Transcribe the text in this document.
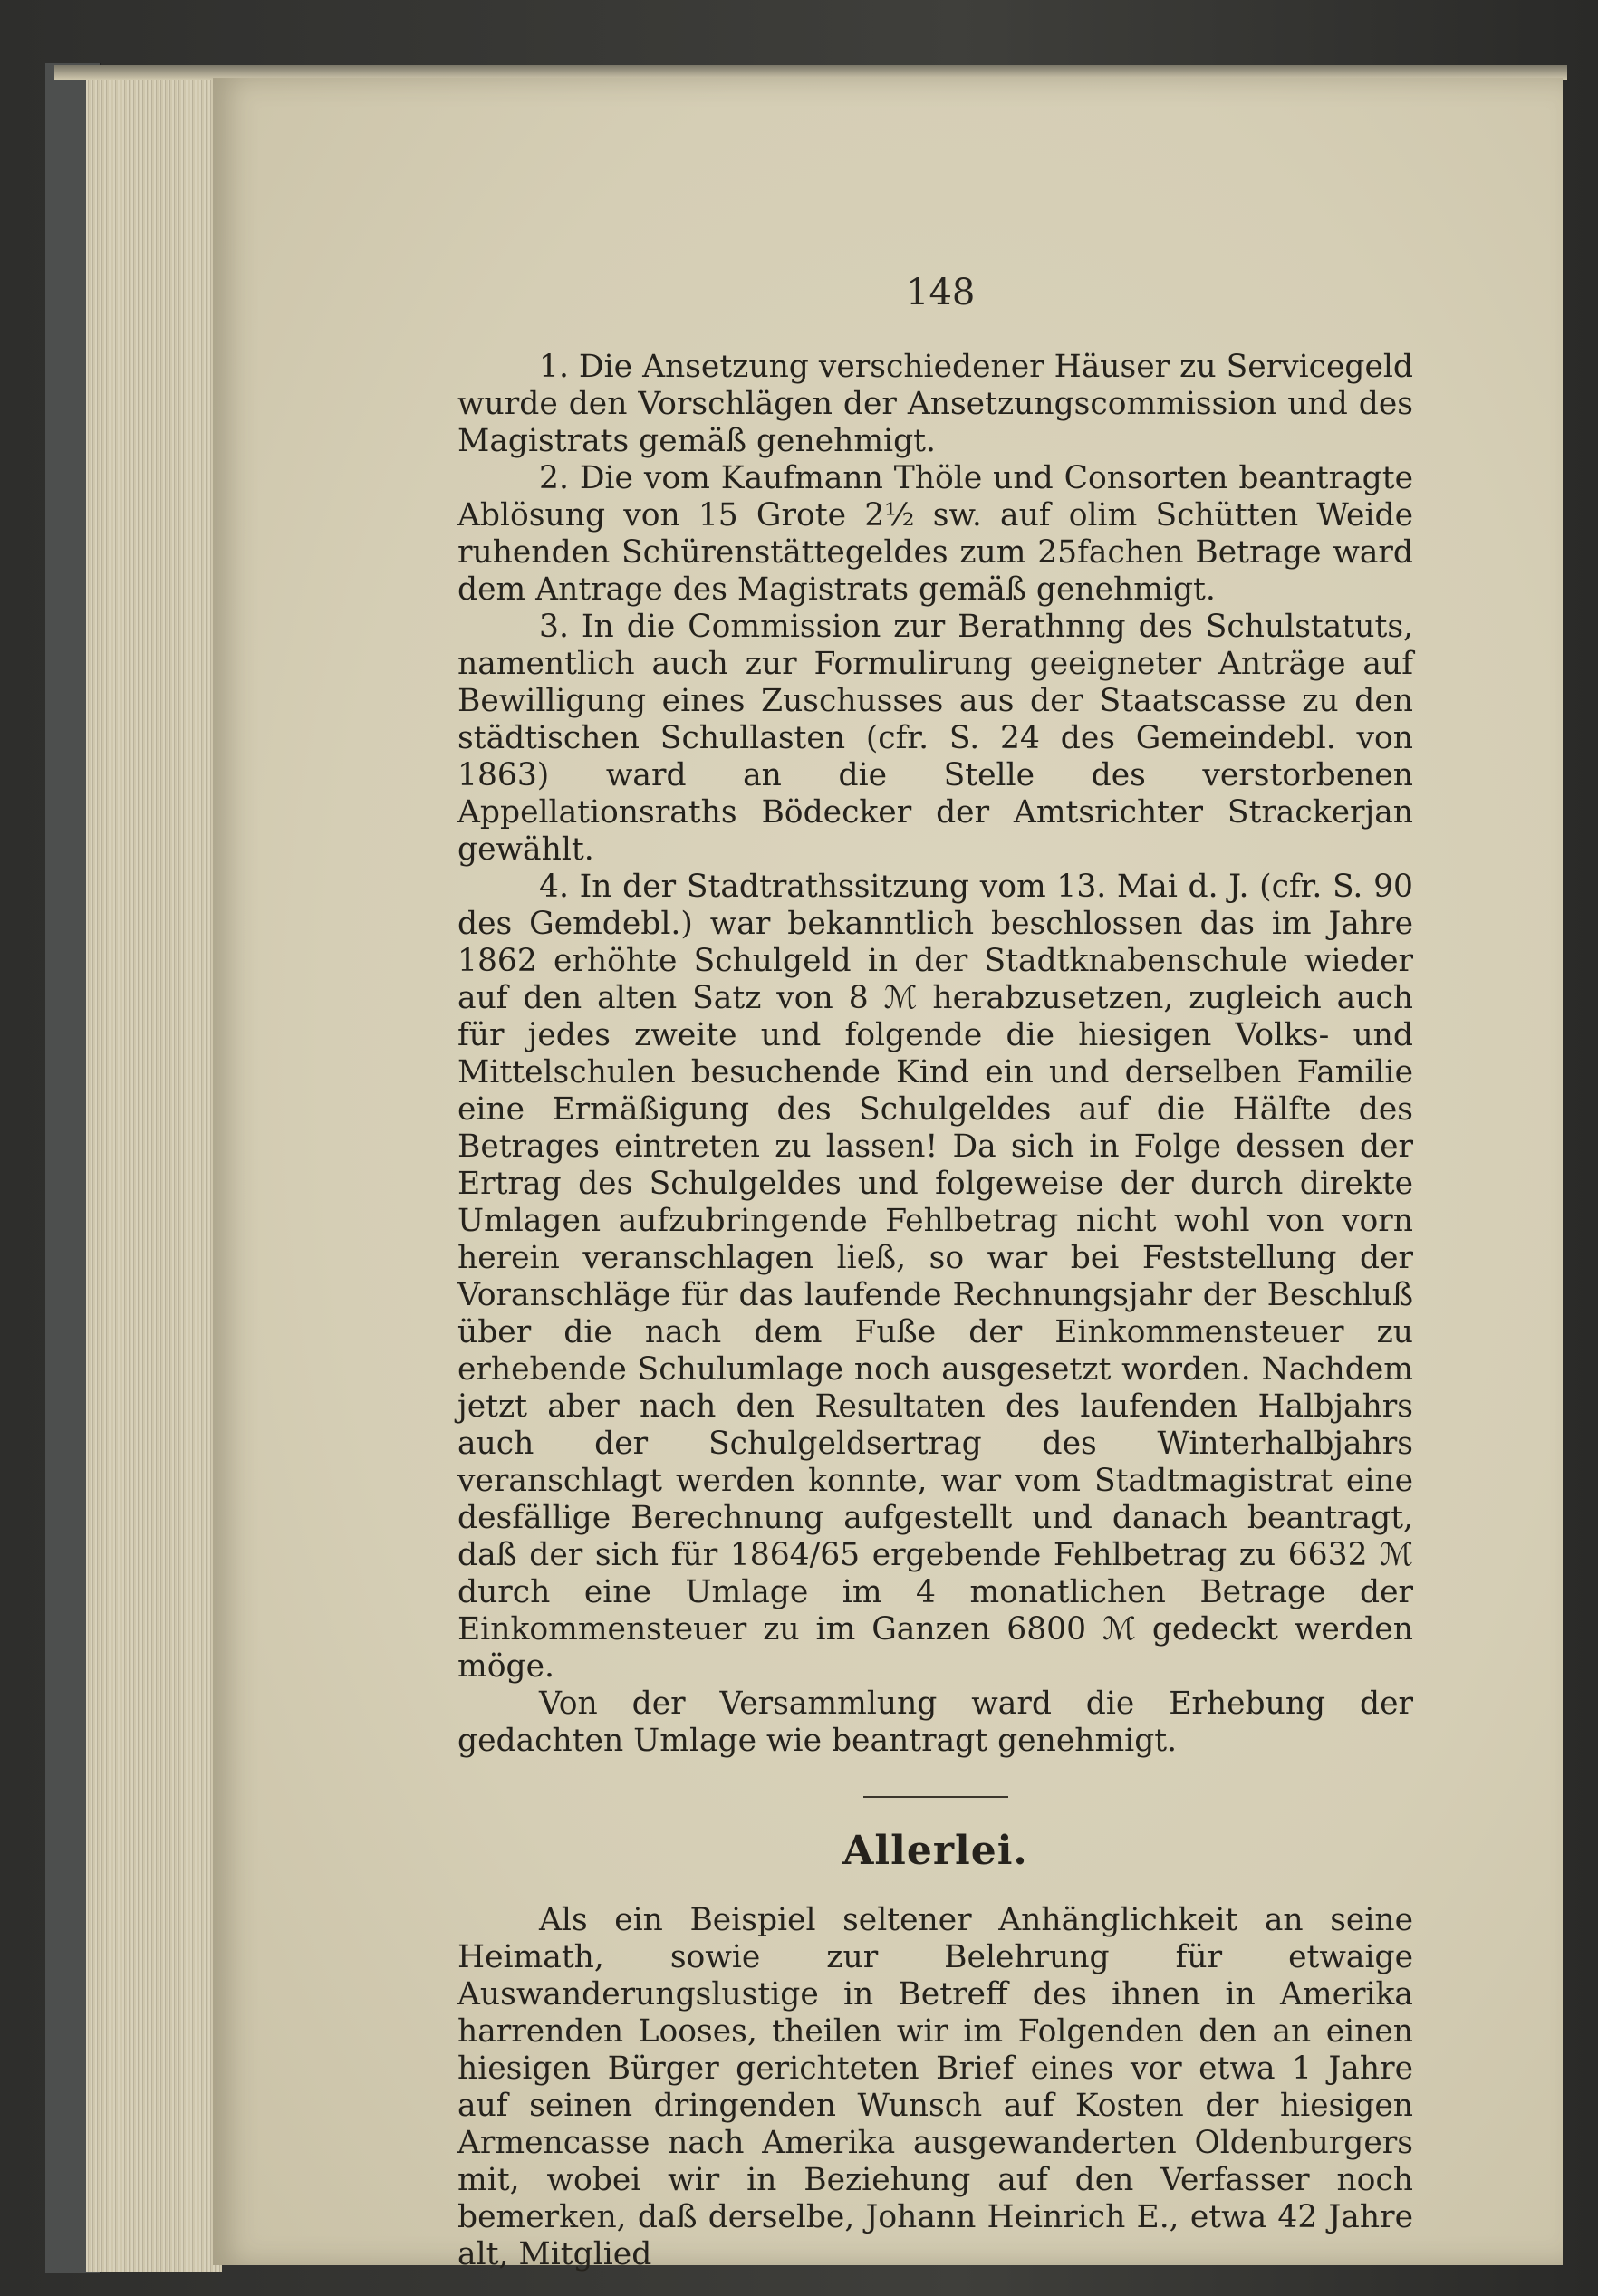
148

1. Die Ansetzung verschiedener Häuser zu Servicegeld wurde den Vorschlägen der Ansetzungscommission und des Magistrats gemäß genehmigt.

2. Die vom Kaufmann Thöle und Consorten beantragte Ablösung von 15 Grote 2½ sw. auf olim Schütten Weide ruhenden Schürenstättegeldes zum 25fachen Betrage ward dem Antrage des Magistrats gemäß genehmigt.

3. In die Commission zur Berathnng des Schulstatuts, namentlich auch zur Formulirung geeigneter Anträge auf Bewilligung eines Zuschusses aus der Staatscasse zu den städtischen Schullasten (cfr. S. 24 des Gemeindebl. von 1863) ward an die Stelle des verstorbenen Appellationsraths Bödecker der Amtsrichter Strackerjan gewählt.

4. In der Stadtrathssitzung vom 13. Mai d. J. (cfr. S. 90 des Gemdebl.) war bekanntlich beschlossen das im Jahre 1862 erhöhte Schulgeld in der Stadtknabenschule wieder auf den alten Satz von 8 ℳ herabzusetzen, zugleich auch für jedes zweite und folgende die hiesigen Volks- und Mittelschulen besuchende Kind ein und derselben Familie eine Ermäßigung des Schulgeldes auf die Hälfte des Betrages eintreten zu lassen! Da sich in Folge dessen der Ertrag des Schulgeldes und folgeweise der durch direkte Umlagen aufzubringende Fehlbetrag nicht wohl von vorn herein veranschlagen ließ, so war bei Feststellung der Voranschläge für das laufende Rechnungsjahr der Beschluß über die nach dem Fuße der Einkommensteuer zu erhebende Schulumlage noch ausgesetzt worden. Nachdem jetzt aber nach den Resultaten des laufenden Halbjahrs auch der Schulgeldsertrag des Winterhalbjahrs veranschlagt werden konnte, war vom Stadtmagistrat eine desfällige Berechnung aufgestellt und danach beantragt, daß der sich für 1864/65 ergebende Fehlbetrag zu 6632 ℳ durch eine Umlage im 4 monatlichen Betrage der Einkommensteuer zu im Ganzen 6800 ℳ gedeckt werden möge.

Von der Versammlung ward die Erhebung der gedachten Umlage wie beantragt genehmigt.

Allerlei.

Als ein Beispiel seltener Anhänglichkeit an seine Heimath, sowie zur Belehrung für etwaige Auswanderungslustige in Betreff des ihnen in Amerika harrenden Looses, theilen wir im Folgenden den an einen hiesigen Bürger gerichteten Brief eines vor etwa 1 Jahre auf seinen dringenden Wunsch auf Kosten der hiesigen Armencasse nach Amerika ausgewanderten Oldenburgers mit, wobei wir in Beziehung auf den Verfasser noch bemerken, daß derselbe, Johann Heinrich E., etwa 42 Jahre alt, Mitglied
